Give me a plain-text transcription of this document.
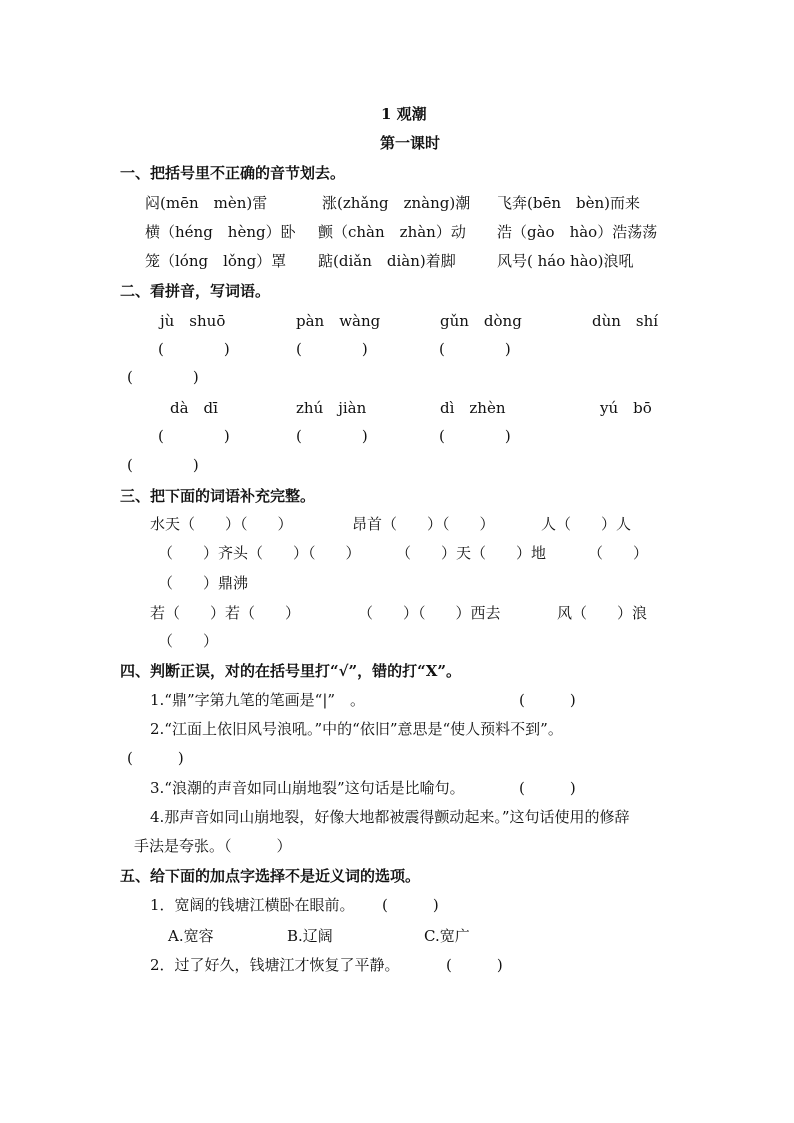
1 观潮
第一课时
一、把括号里不正确的音节划去。
闷(mēn　mèn)雷	涨(zhǎng　znàng)潮 飞奔(bēn　bèn)而来
横（héng　hèng）卧 颤（chàn　zhàn）动 浩（gào　hào）浩荡荡
笼（lóng　lǒng）罩 踮(diǎn　diàn)着脚	风号( háo hào)浪吼
二、看拼音，写词语。
jù　shuō	pàn　wàng	gǔn　dòng	dùn　shí
(　　　　)	(　　　　)	(　　　　)
(　　　　)
dà　dī	zhú　jiàn	dì　zhèn	yú　bō
(　　　　)	(　　　　)	(　　　　)
(　　　　)
三、把下面的词语补充完整。
水天（　　）（　　）	昂首（　　）（　　）	人（　　）人
（　　）齐头（　　）（　　） （　　）天（　　）地	（　　）
（　　）鼎沸
若（　　）若（　　）	（　　）（　　）西去	风（　　）浪
（　　）
四、判断正误，对的在括号里打“√”，错的打“X”。
1.“鼎”字第九笔的笔画是“|”　。	(　　　)
2.“江面上依旧风号浪吼。”中的“依旧”意思是“使人预料不到”。
(　　　)
3.“浪潮的声音如同山崩地裂”这句话是比喻句。	(　　　)
4.那声音如同山崩地裂，好像大地都被震得颤动起来。”这句话使用的修辞
手法是夸张。（　　　）
五、给下面的加点字选择不是近义词的选项。
1．宽阔的钱塘江横卧在眼前。 (　　　)
A.宽容	B.辽阔	C.宽广
2．过了好久，钱塘江才恢复了平静。	(　　　)
